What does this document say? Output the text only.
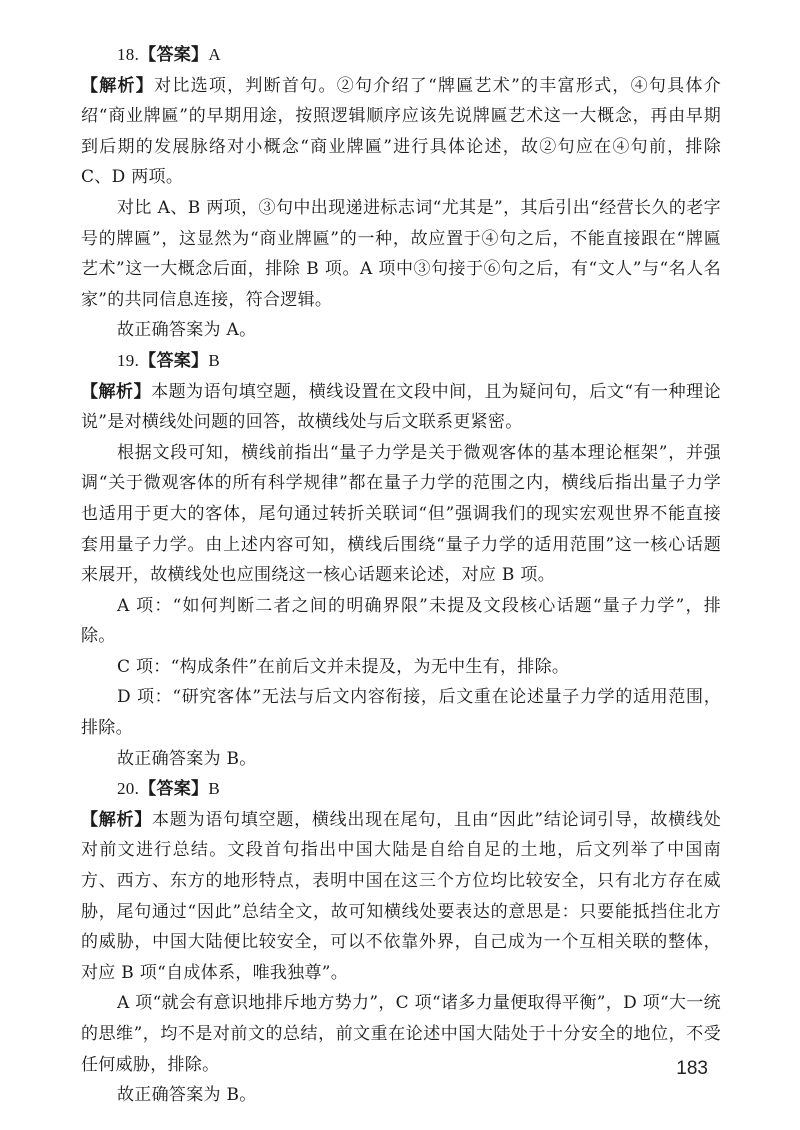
18.【答案】A

【解析】对比选项，判断首句。②句介绍了“牌匾艺术”的丰富形式，④句具体介绍“商业牌匾”的早期用途，按照逻辑顺序应该先说牌匾艺术这一大概念，再由早期到后期的发展脉络对小概念“商业牌匾”进行具体论述，故②句应在④句前，排除 C、D 两项。

对比 A、B 两项，③句中出现递进标志词“尤其是”，其后引出“经营长久的老字号的牌匾”，这显然为“商业牌匾”的一种，故应置于④句之后，不能直接跟在“牌匾艺术”这一大概念后面，排除 B 项。A 项中③句接于⑥句之后，有“文人”与“名人名家”的共同信息连接，符合逻辑。

故正确答案为 A。

19.【答案】B

【解析】本题为语句填空题，横线设置在文段中间，且为疑问句，后文“有一种理论说”是对横线处问题的回答，故横线处与后文联系更紧密。

根据文段可知，横线前指出“量子力学是关于微观客体的基本理论框架”，并强调“关于微观客体的所有科学规律”都在量子力学的范围之内，横线后指出量子力学也适用于更大的客体，尾句通过转折关联词“但”强调我们的现实宏观世界不能直接套用量子力学。由上述内容可知，横线后围绕“量子力学的适用范围”这一核心话题来展开，故横线处也应围绕这一核心话题来论述，对应 B 项。

A 项：“如何判断二者之间的明确界限”未提及文段核心话题“量子力学”，排除。

C 项：“构成条件”在前后文并未提及，为无中生有，排除。

D 项：“研究客体”无法与后文内容衔接，后文重在论述量子力学的适用范围，排除。

故正确答案为 B。

20.【答案】B

【解析】本题为语句填空题，横线出现在尾句，且由“因此”结论词引导，故横线处对前文进行总结。文段首句指出中国大陆是自给自足的土地，后文列举了中国南方、西方、东方的地形特点，表明中国在这三个方位均比较安全，只有北方存在威胁，尾句通过“因此”总结全文，故可知横线处要表达的意思是：只要能抵挡住北方的威胁，中国大陆便比较安全，可以不依靠外界，自己成为一个互相关联的整体，对应 B 项“自成体系，唯我独尊”。

A 项“就会有意识地排斥地方势力”，C 项“诸多力量便取得平衡”，D 项“大一统的思维”，均不是对前文的总结，前文重在论述中国大陆处于十分安全的地位，不受任何威胁，排除。

故正确答案为 B。

183
